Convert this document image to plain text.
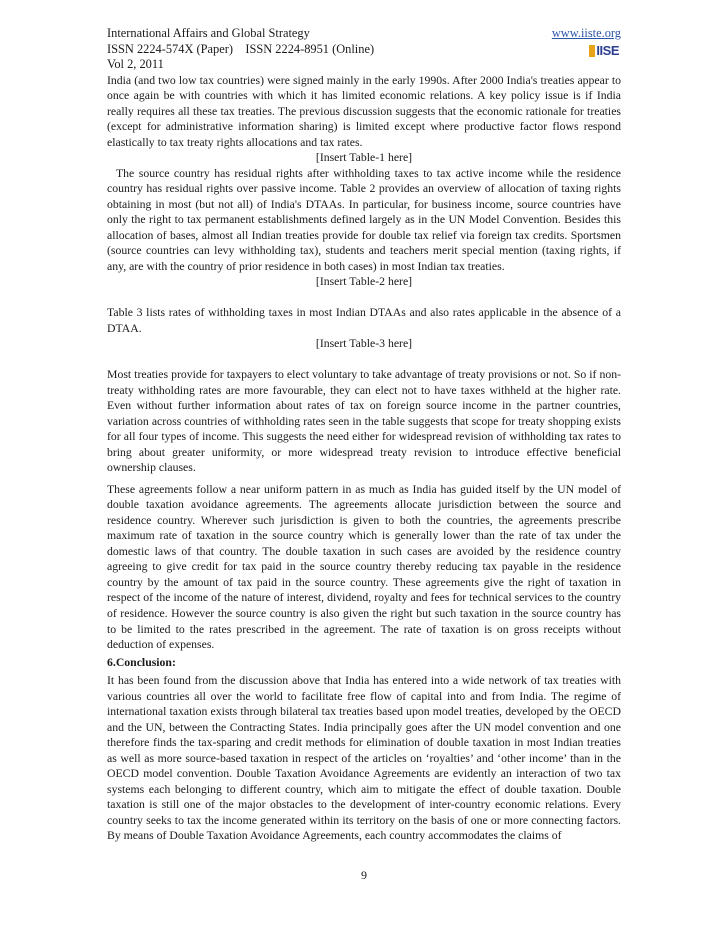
International Affairs and Global Strategy	www.iiste.org
ISSN 2224-574X (Paper)    ISSN 2224-8951 (Online)
Vol 2, 2011
IISE

India (and two low tax countries) were signed mainly in the early 1990s. After 2000 India's treaties appear to once again be with countries with which it has limited economic relations. A key policy issue is if India really requires all these tax treaties. The previous discussion suggests that the economic rationale for treaties (except for administrative information sharing) is limited except where productive factor flows respond elastically to tax treaty rights allocations and tax rates.

[Insert Table-1 here]

The source country has residual rights after withholding taxes to tax active income while the residence country has residual rights over passive income. Table 2 provides an overview of allocation of taxing rights obtaining in most (but not all) of India's DTAAs. In particular, for business income, source countries have only the right to tax permanent establishments defined largely as in the UN Model Convention. Besides this allocation of bases, almost all Indian treaties provide for double tax relief via foreign tax credits. Sportsmen (source countries can levy withholding tax), students and teachers merit special mention (taxing rights, if any, are with the country of prior residence in both cases) in most Indian tax treaties.

[Insert Table-2 here]

Table 3 lists rates of withholding taxes in most Indian DTAAs and also rates applicable in the absence of a DTAA.

[Insert Table-3 here]

Most treaties provide for taxpayers to elect voluntary to take advantage of treaty provisions or not. So if non-treaty withholding rates are more favourable, they can elect not to have taxes withheld at the higher rate. Even without further information about rates of tax on foreign source income in the partner countries, variation across countries of withholding rates seen in the table suggests that scope for treaty shopping exists for all four types of income. This suggests the need either for widespread revision of withholding tax rates to bring about greater uniformity, or more widespread treaty revision to introduce effective beneficial ownership clauses.

These agreements follow a near uniform pattern in as much as India has guided itself by the UN model of double taxation avoidance agreements. The agreements allocate jurisdiction between the source and residence country. Wherever such jurisdiction is given to both the countries, the agreements prescribe maximum rate of taxation in the source country which is generally lower than the rate of tax under the domestic laws of that country. The double taxation in such cases are avoided by the residence country agreeing to give credit for tax paid in the source country thereby reducing tax payable in the residence country by the amount of tax paid in the source country. These agreements give the right of taxation in respect of the income of the nature of interest, dividend, royalty and fees for technical services to the country of residence. However the source country is also given the right but such taxation in the source country has to be limited to the rates prescribed in the agreement. The rate of taxation is on gross receipts without deduction of expenses.

6.Conclusion:

It has been found from the discussion above that India has entered into a wide network of tax treaties with various countries all over the world to facilitate free flow of capital into and from India. The regime of international taxation exists through bilateral tax treaties based upon model treaties, developed by the OECD and the UN, between the Contracting States. India principally goes after the UN model convention and one therefore finds the tax-sparing and credit methods for elimination of double taxation in most Indian treaties as well as more source-based taxation in respect of the articles on ‘royalties’ and ‘other income’ than in the OECD model convention. Double Taxation Avoidance Agreements are evidently an interaction of two tax systems each belonging to different country, which aim to mitigate the effect of double taxation. Double taxation is still one of the major obstacles to the development of inter-country economic relations. Every country seeks to tax the income generated within its territory on the basis of one or more connecting factors. By means of Double Taxation Avoidance Agreements, each country accommodates the claims of

9
